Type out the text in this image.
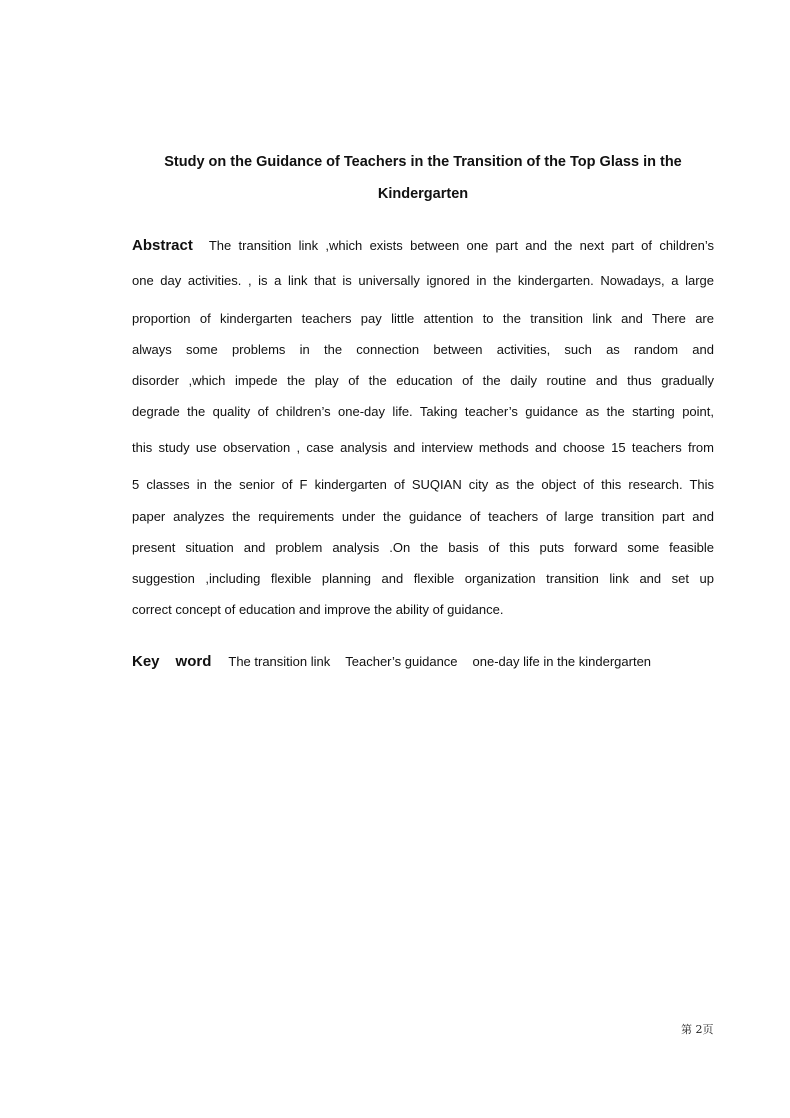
Study on the Guidance of Teachers in the Transition of the Top Glass in the
Kindergarten
Abstract The transition link ,which exists between one part and the next part of children’s
one day activities. , is a link that is universally ignored in the kindergarten. Nowadays, a large
proportion of kindergarten teachers pay little attention to the transition link and There are
always some problems in the connection between activities, such as random and
disorder ,which impede the play of the education of the daily routine and thus gradually
degrade the quality of children’s one-day life. Taking teacher’s guidance as the starting point,
this study use observation , case analysis and interview methods and choose 15 teachers from
5 classes in the senior of F kindergarten of SUQIAN city as the object of this research. This
paper analyzes the requirements under the guidance of teachers of large transition part and
present situation and problem analysis .On the basis of this puts forward some feasible
suggestion ,including flexible planning and flexible organization transition link and set up
correct concept of education and improve the ability of guidance.
Key word The transition link Teacher’s guidance one-day life in the kindergarten
第 2页
